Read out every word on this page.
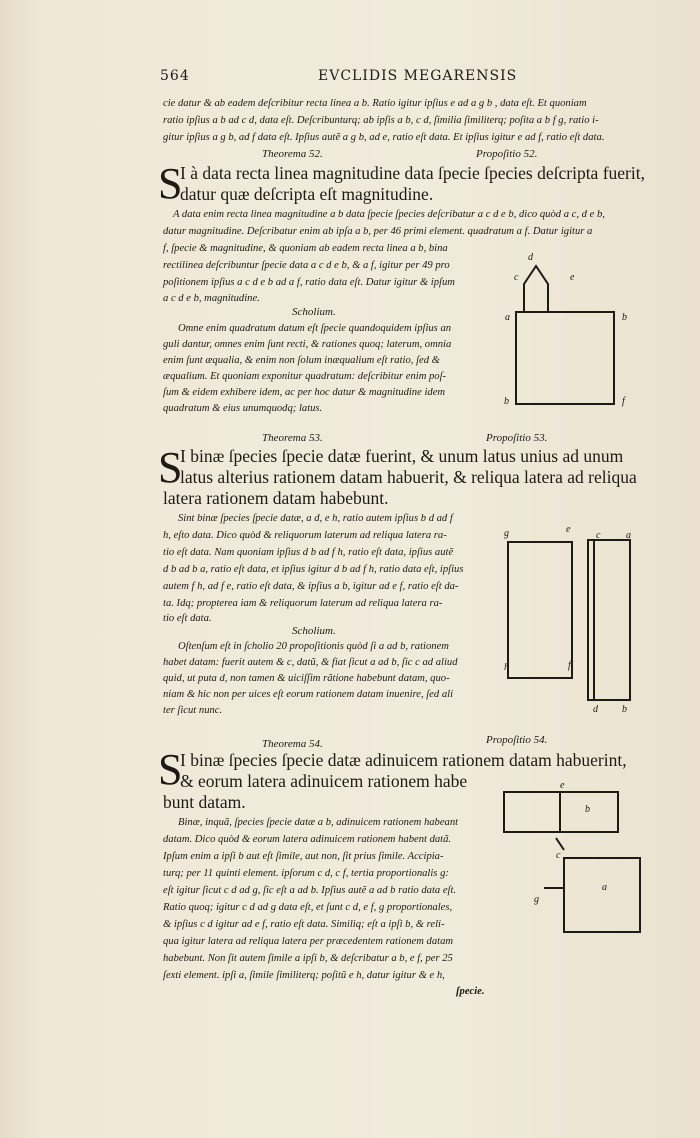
564	EVCLIDIS MEGARENSIS
cie datur & ab eadem deſcribitur recta linea a b. Ratio igitur ipſius e ad a g b , data eſt. Et quoniam
ratio ipſius a b ad c d, data eſt. Deſcribunturq; ab ipſis a b, c d, ſimilia ſimiliterq; poſita a b f g, ratio i-
gitur ipſius a g b, ad f data eſt. Ipſius autẽ a g b, ad e, ratio eſt data. Et ipſius igitur e ad f, ratio eſt data.
Theorema 52.	Propoſitio 52.
S
I à data recta linea magnitudine data ſpecie ſpecies deſcripta fuerit,
datur quæ deſcripta eſt magnitudine.
A data enim recta linea magnitudine a b data ſpecie ſpecies deſcribatur a c d e b, dico quòd a c, d e b,
datur magnitudine. Deſcribatur enim ab ipſa a b, per 46 primi element. quadratum a f. Datur igitur a
f, ſpecie & magnitudine, & quoniam ab eadem recta linea a b, bina
rectilinea deſcribuntur ſpecie data a c d e b, & a f, igitur per 49 pro
poſitionem ipſius a c d e b ad a f, ratio data eſt. Datur igitur & ipſum
a c d e b, magnitudine.
Scholium.
Omne enim quadratum datum eſt ſpecie quandoquidem ipſius an
guli dantur, omnes enim ſunt recti, & rationes quoq; laterum, omnia
enim ſunt æqualia, & enim non ſolum inæqualium eſt ratio, ſed &
æqualium. Et quoniam exponitur quadratum: deſcribitur enim poſ-
ſum & eidem exhibere idem, ac per hoc datur & magnitudine idem
quadratum & eius unumquodq; latus.
d
c	e
a	b
b	f
Theorema 53.	Propoſitio 53.
S
I binæ ſpecies ſpecie datæ fuerint, & unum latus unius ad unum
latus alterius rationem datam habuerit, & reliqua latera ad reliqua
latera rationem datam habebunt.
Sint binæ ſpecies ſpecie datæ, a d, e h, ratio autem ipſius b d ad f
h, eſto data. Dico quòd & reliquorum laterum ad reliqua latera ra-
tio eſt data. Nam quoniam ipſius d b ad f h, ratio eſt data, ipſius autẽ
d b ad b a, ratio eſt data, et ipſius igitur d b ad f h, ratio data eſt, ipſius
autem f h, ad f e, ratio eſt data, & ipſius a b, igitur ad e f, ratio eſt da-
ta. Idq; propterea iam & reliquorum laterum ad reliqua latera ra-
tio eſt data.
Scholium.
Oſtenſum eſt in ſcholio 20 propoſitionis quòd ſi a ad b, rationem
habet datam: fuerit autem & c, datũ, & fiat ſicut a ad b, ſic c ad aliud
quid, ut puta d, non tamen & uiciſſim rãtione habebunt datam, quo-
niam & hic non per uices eſt eorum rationem datam inuenire, ſed ali
ter ſicut nunc.
g	e
c	a
h	f
d b
Theorema 54.	Propoſitio 54.
S
I binæ ſpecies ſpecie datæ adinuicem rationem datam habuerint,
& eorum latera adinuicem rationem habe
bunt datam.
Binæ, inquã, ſpecies ſpecie datæ a b, adinuicem rationem habeant
datam. Dico quòd & eorum latera adinuicem rationem habent datã.
Ipſum enim a ipſi b aut eſt ſimile, aut non, ſit prius ſimile. Accipia-
turq; per 11 quinti element. ipſorum c d, c f, tertia proportionalis g:
eſt igitur ſicut c d ad g, ſic eſt a ad b. Ipſius autẽ a ad b ratio data eſt.
Ratio quoq; igitur c d ad g data eſt, et ſunt c d, e f, g proportionales,
& ipſius c d igitur ad e f, ratio eſt data. Similiq; eſt a ipſi b, & reli-
qua igitur latera ad reliqua latera per præcedentem rationem datam
habebunt. Non ſit autem ſimile a ipſi b, & deſcribatur a b, e f, per 25
ſexti element. ipſi a, ſimile ſimiliterq; poſitũ e h, datur igitur & e h,
ſpecie.
e
b
c
a
g
